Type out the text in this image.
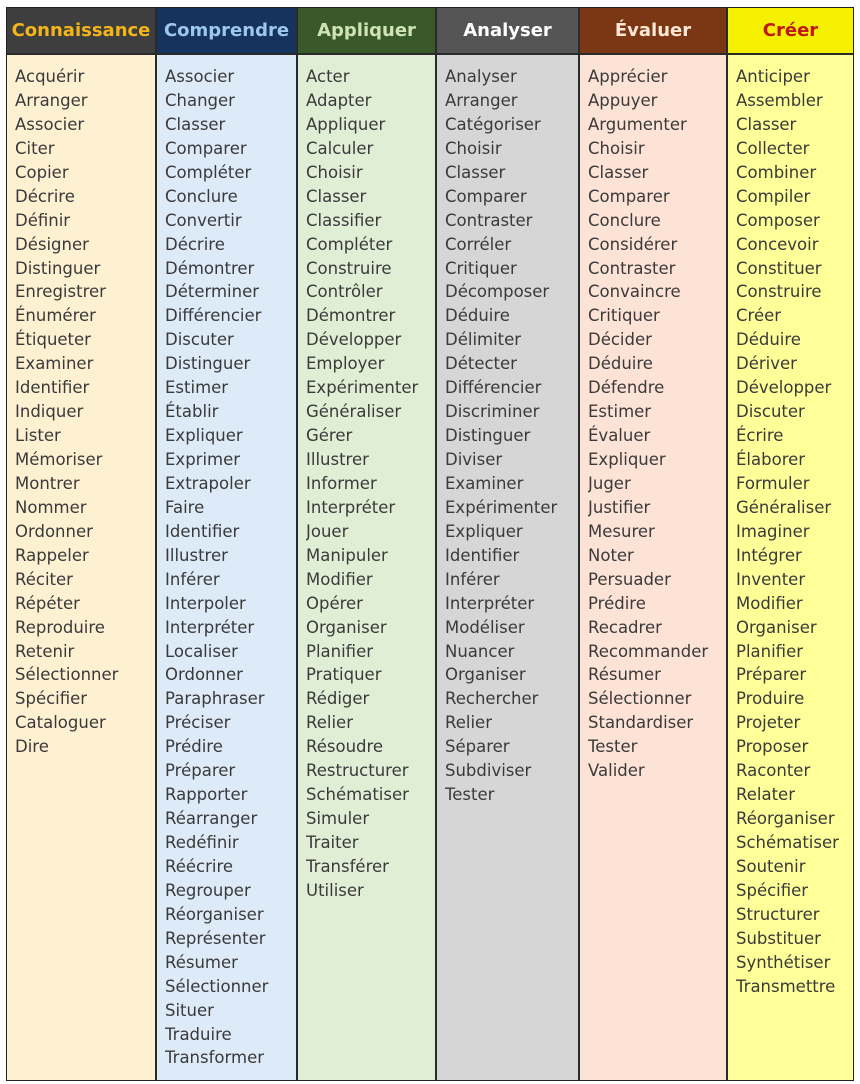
Connaissance
Acquérir
Arranger
Associer
Citer
Copier
Décrire
Définir
Désigner
Distinguer
Enregistrer
Énumérer
Étiqueter
Examiner
Identifier
Indiquer
Lister
Mémoriser
Montrer
Nommer
Ordonner
Rappeler
Réciter
Répéter
Reproduire
Retenir
Sélectionner
Spécifier
Cataloguer
Dire
Comprendre
Associer
Changer
Classer
Comparer
Compléter
Conclure
Convertir
Décrire
Démontrer
Déterminer
Différencier
Discuter
Distinguer
Estimer
Établir
Expliquer
Exprimer
Extrapoler
Faire
Identifier
Illustrer
Inférer
Interpoler
Interpréter
Localiser
Ordonner
Paraphraser
Préciser
Prédire
Préparer
Rapporter
Réarranger
Redéfinir
Réécrire
Regrouper
Réorganiser
Représenter
Résumer
Sélectionner
Situer
Traduire
Transformer
Appliquer
Acter
Adapter
Appliquer
Calculer
Choisir
Classer
Classifier
Compléter
Construire
Contrôler
Démontrer
Développer
Employer
Expérimenter
Généraliser
Gérer
Illustrer
Informer
Interpréter
Jouer
Manipuler
Modifier
Opérer
Organiser
Planifier
Pratiquer
Rédiger
Relier
Résoudre
Restructurer
Schématiser
Simuler
Traiter
Transférer
Utiliser
Analyser
Analyser
Arranger
Catégoriser
Choisir
Classer
Comparer
Contraster
Corréler
Critiquer
Décomposer
Déduire
Délimiter
Détecter
Différencier
Discriminer
Distinguer
Diviser
Examiner
Expérimenter
Expliquer
Identifier
Inférer
Interpréter
Modéliser
Nuancer
Organiser
Rechercher
Relier
Séparer
Subdiviser
Tester
Évaluer
Apprécier
Appuyer
Argumenter
Choisir
Classer
Comparer
Conclure
Considérer
Contraster
Convaincre
Critiquer
Décider
Déduire
Défendre
Estimer
Évaluer
Expliquer
Juger
Justifier
Mesurer
Noter
Persuader
Prédire
Recadrer
Recommander
Résumer
Sélectionner
Standardiser
Tester
Valider
Créer
Anticiper
Assembler
Classer
Collecter
Combiner
Compiler
Composer
Concevoir
Constituer
Construire
Créer
Déduire
Dériver
Développer
Discuter
Écrire
Élaborer
Formuler
Généraliser
Imaginer
Intégrer
Inventer
Modifier
Organiser
Planifier
Préparer
Produire
Projeter
Proposer
Raconter
Relater
Réorganiser
Schématiser
Soutenir
Spécifier
Structurer
Substituer
Synthétiser
Transmettre
